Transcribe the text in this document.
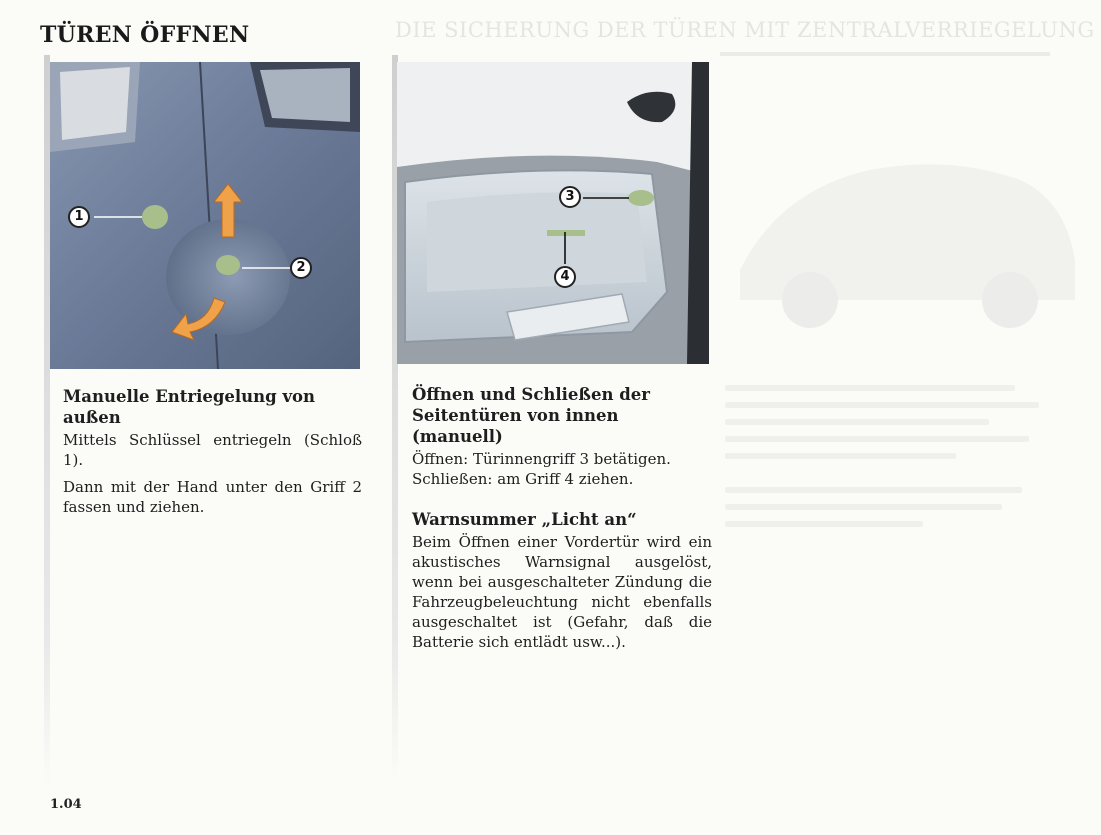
DIE SICHERUNG DER TÜREN MIT ZENTRALVERRIEGELUNG
TÜREN ÖFFNEN
1
2
3
4
Manuelle Entriegelung von außen

Mittels Schlüssel entriegeln (Schloß 1).

Dann mit der Hand unter den Griff 2 fassen und ziehen.

Öffnen und Schließen der Seitentüren von innen (manuell)

Öffnen: Türinnengriff 3 betätigen.

Schließen: am Griff 4 ziehen.

Warnsummer „Licht an“

Beim Öffnen einer Vordertür wird ein akustisches Warnsignal ausgelöst, wenn bei ausgeschalteter Zündung die Fahrzeugbeleuchtung nicht ebenfalls ausgeschaltet ist (Gefahr, daß die Batterie sich entlädt usw...).

1.04
